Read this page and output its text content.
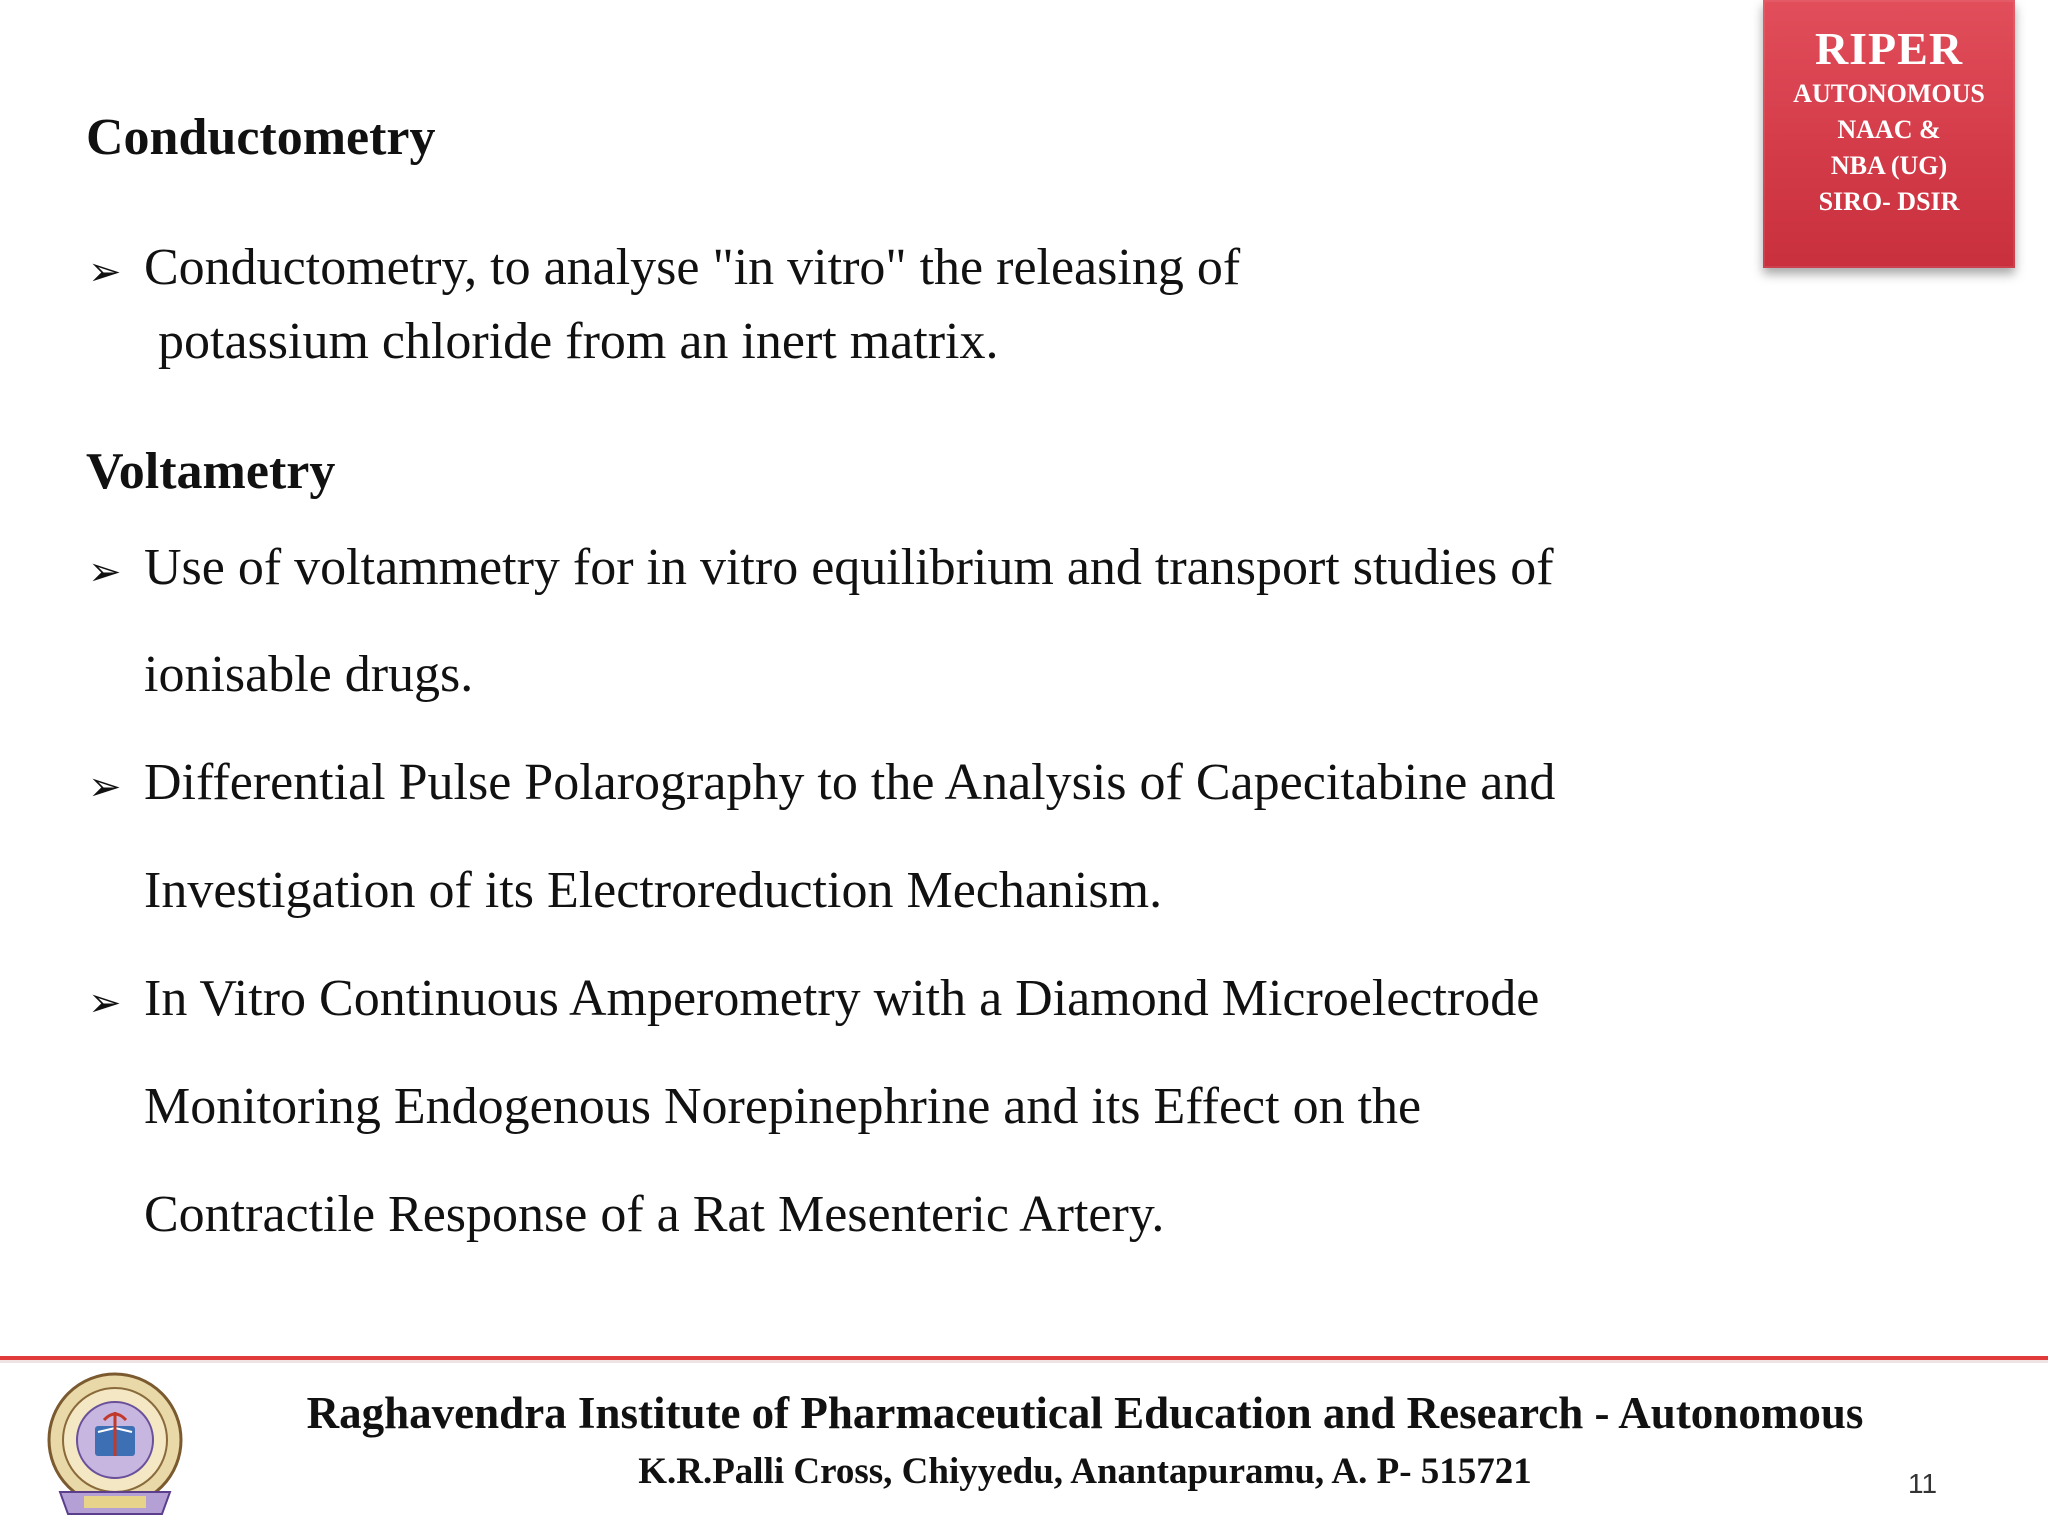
RIPER
AUTONOMOUS
NAAC &
NBA (UG)
SIRO- DSIR
Conductometry
➢ Conductometry, to analyse "in vitro" the releasing of
potassium chloride from an inert matrix.
Voltametry
➢ Use of voltammetry for in vitro equilibrium and transport studies of
ionisable drugs.
➢ Differential Pulse Polarography to the Analysis of Capecitabine and
Investigation of its Electroreduction Mechanism.
➢ In Vitro Continuous Amperometry with a Diamond Microelectrode
Monitoring Endogenous Norepinephrine and its Effect on the
Contractile Response of a Rat Mesenteric Artery.
Raghavendra Institute of Pharmaceutical Education and Research - Autonomous
K.R.Palli Cross, Chiyyedu, Anantapuramu, A. P- 515721	11
